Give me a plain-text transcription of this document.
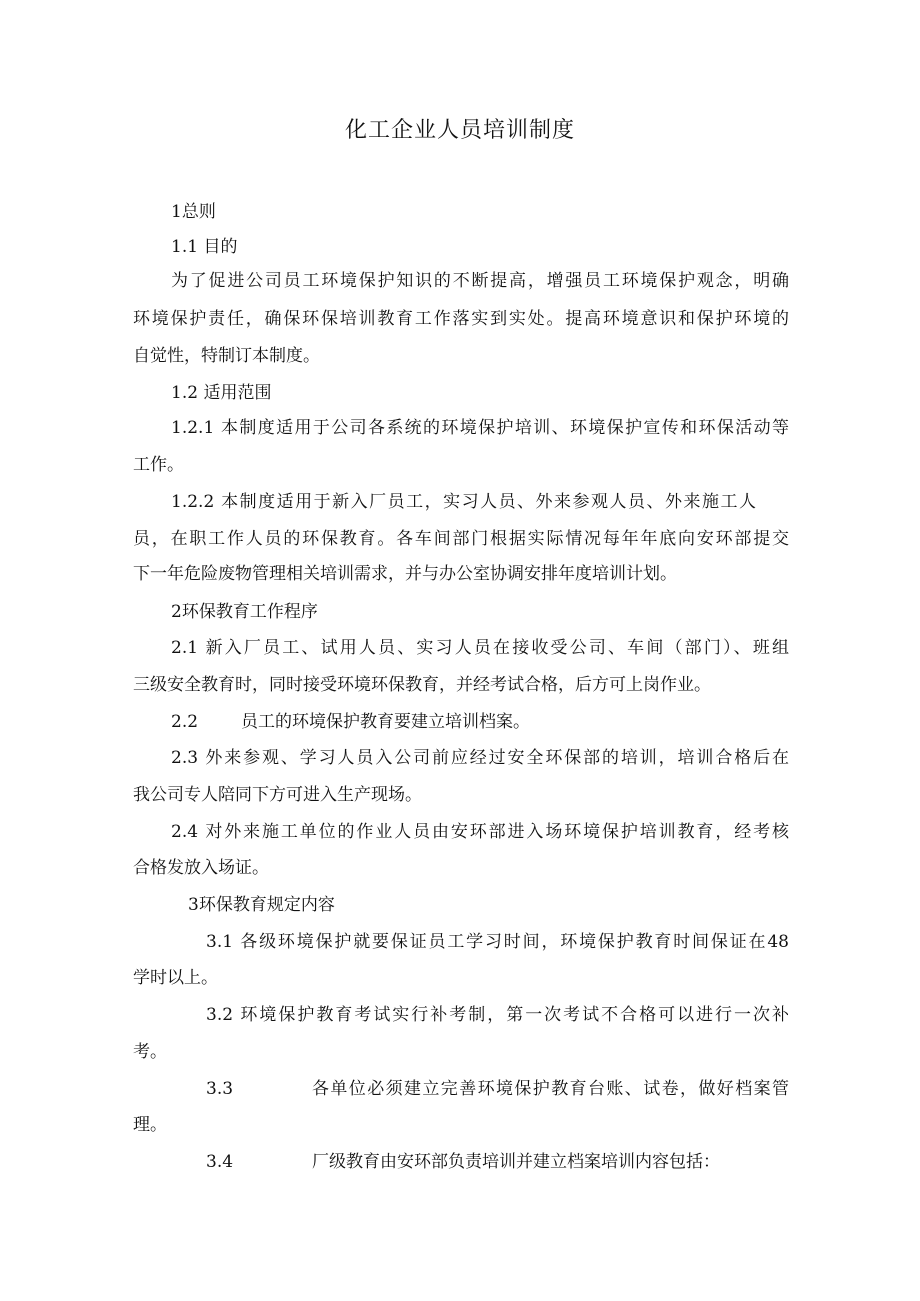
化工企业人员培训制度
1总则
1.1 目的
为了促进公司员工环境保护知识的不断提高，增强员工环境保护观念，明确
环境保护责任，确保环保培训教育工作落实到实处。提高环境意识和保护环境的
自觉性，特制订本制度。
1.2 适用范围
1.2.1 本制度适用于公司各系统的环境保护培训、环境保护宣传和环保活动等
工作。
1.2.2 本制度适用于新入厂员工，实习人员、外来参观人员、外来施工人
员，在职工作人员的环保教育。各车间部门根据实际情况每年年底向安环部提交
下一年危险废物管理相关培训需求，并与办公室协调安排年度培训计划。
2环保教育工作程序
2.1 新入厂员工、试用人员、实习人员在接收受公司、车间（部门）、班组
三级安全教育时，同时接受环境环保教育，并经考试合格，后方可上岗作业。
2.2	员工的环境保护教育要建立培训档案。
2.3 外来参观、学习人员入公司前应经过安全环保部的培训，培训合格后在
我公司专人陪同下方可进入生产现场。
2.4 对外来施工单位的作业人员由安环部进入场环境保护培训教育，经考核
合格发放入场证。
3环保教育规定内容
3.1 各级环境保护就要保证员工学习时间，环境保护教育时间保证在48
学时以上。
3.2 环境保护教育考试实行补考制，第一次考试不合格可以进行一次补
考。
3.3	各单位必须建立完善环境保护教育台账、试卷，做好档案管
理。
3.4	厂级教育由安环部负责培训并建立档案培训内容包括：
